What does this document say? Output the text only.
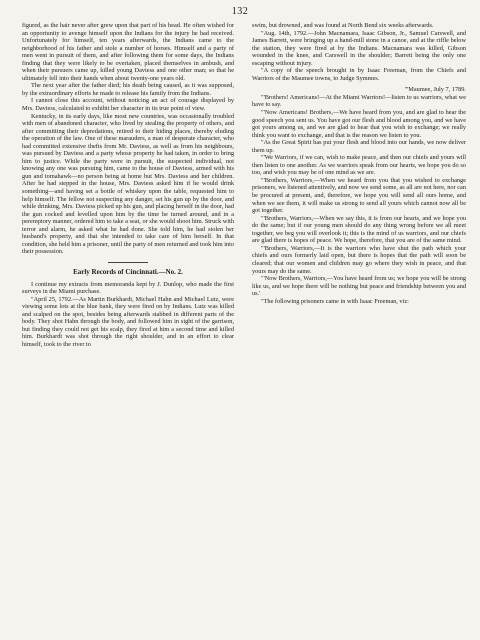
132

figured, as the hair never after grew upon that part of his head. He often wished for an opportunity to avenge himself upon the Indians for the injury he had received. Unfortunately for himself, ten years afterwards, the Indians came to the neighborhood of his father and stole a number of horses. Himself and a party of men went in pursuit of them, and after following them for some days, the Indians finding that they were likely to be overtaken, placed themselves in ambush, and when their pursuers came up, killed young Daviess and one other man; so that he ultimately fell into their hands when about twenty-one years old.

The next year after the father died; his death being caused, as it was supposed, by the extraordinary efforts he made to release his family from the Indians.

I cannot close this account, without noticing an act of courage displayed by Mrs. Daviess, calculated to exhibit her character in its true point of view.

Kentucky, in its early days, like most new countries, was occasionally troubled with men of abandoned character, who lived by stealing the property of others, and after committing their depredations, retired to their hiding places, thereby eluding the operation of the law. One of these marauders, a man of desperate character, who had committed extensive thefts from Mr. Daviess, as well as from his neighbours, was pursued by Daviess and a party whose property he had taken, in order to bring him to justice. While the party were in pursuit, the suspected individual, not knowing any one was pursuing him, came to the house of Daviess, armed with his gun and tomahawk—no person being at home but Mrs. Daviess and her children. After he had stepped in the house, Mrs. Daviess asked him if he would drink something—and having set a bottle of whiskey upon the table, requested him to help himself. The fellow not suspecting any danger, set his gun up by the door, and while drinking, Mrs. Daviess picked up his gun, and placing herself in the door, had the gun cocked and levelled upon him by the time he turned around, and in a peremptory manner, ordered him to take a seat, or she would shoot him. Struck with terror and alarm, he asked what he had done. She told him, he had stolen her husband's property, and that she intended to take care of him herself. In that condition, she held him a prisoner, until the party of men returned and took him into their possession.

Early Records of Cincinnati.—No. 2.

I continue my extracts from memoranda kept by J. Dunlop, who made the first surveys in the Miami purchase.

"April 25, 1792.—As Martin Burkhardt, Michael Hahn and Michael Lutz, were viewing some lots at the blue bank, they were fired on by Indians. Lutz was killed and scalped on the spot, besides being afterwards stabbed in different parts of the body. They shot Hahn through the body, and followed him in sight of the garrison, but finding they could not get his scalp, they fired at him a second time and killed him. Burkhardt was shot through the right shoulder, and in an effort to clear himself, took to the river to

swim, but drowned, and was found at North Bend six weeks afterwards.

"Aug. 14th, 1792.—John Macnamara, Isaac Gibson, Jr., Samuel Carswell, and James Barrett, were bringing up a hand-mill stone in a canoe, and at the riffle below the station, they were fired at by the Indians. Macnamara was killed, Gibson wounded in the knee, and Carswell in the shoulder; Barrett being the only one escaping without injury.

"A copy of the speech brought in by Isaac Freeman, from the Chiefs and Warriors of the Maumee towns, to Judge Symmes.

"'Maumee, July 7, 1789.

"'Brothers! Americans!—At the Miami Warriors!—listen to us warriors, what we have to say.

"'Now Americans! Brothers,—We have heard from you, and are glad to hear the good speech you sent us. You have got our flesh and blood among you, and we have got yours among us, and we are glad to hear that you wish to exchange; we really think you want to exchange, and that is the reason we listen to you.

"As the Great Spirit has put your flesh and blood into our hands, we now deliver them up.

"'We Warriors, if we can, wish to make peace, and then our chiefs and yours will then listen to one another. As we warriors speak from our hearts, we hope you do so too, and wish you may be of one mind as we are.

"'Brothers, Warriors,—When we heard from you that you wished to exchange prisoners, we listened attentively, and now we send some, as all are not here, nor can be procured at present, and, therefore, we hope you will send all ours home, and when we see them, it will make us strong to send all yours which cannot now all be got together.

"'Brothers, Warriors,—When we say this, it is from our hearts, and we hope you do the same; but if our young men should do any thing wrong before we all meet together, we beg you will overlook it; this is the mind of us warriors, and our chiefs are glad there is hopes of peace. We hope, therefore, that you are of the same mind.

"'Brothers, Warriors,—It is the warriors who have shut the path which your chiefs and ours formerly laid open, but there is hopes that the path will soon be cleared; that our women and children may go where they wish in peace, and that yours may do the same.

"'Now Brothers, Warriors,—You have heard from us; we hope you will be strong like us, and we hope there will be nothing but peace and friendship between you and us.'

"The following prisoners came in with Isaac Freeman, viz:
